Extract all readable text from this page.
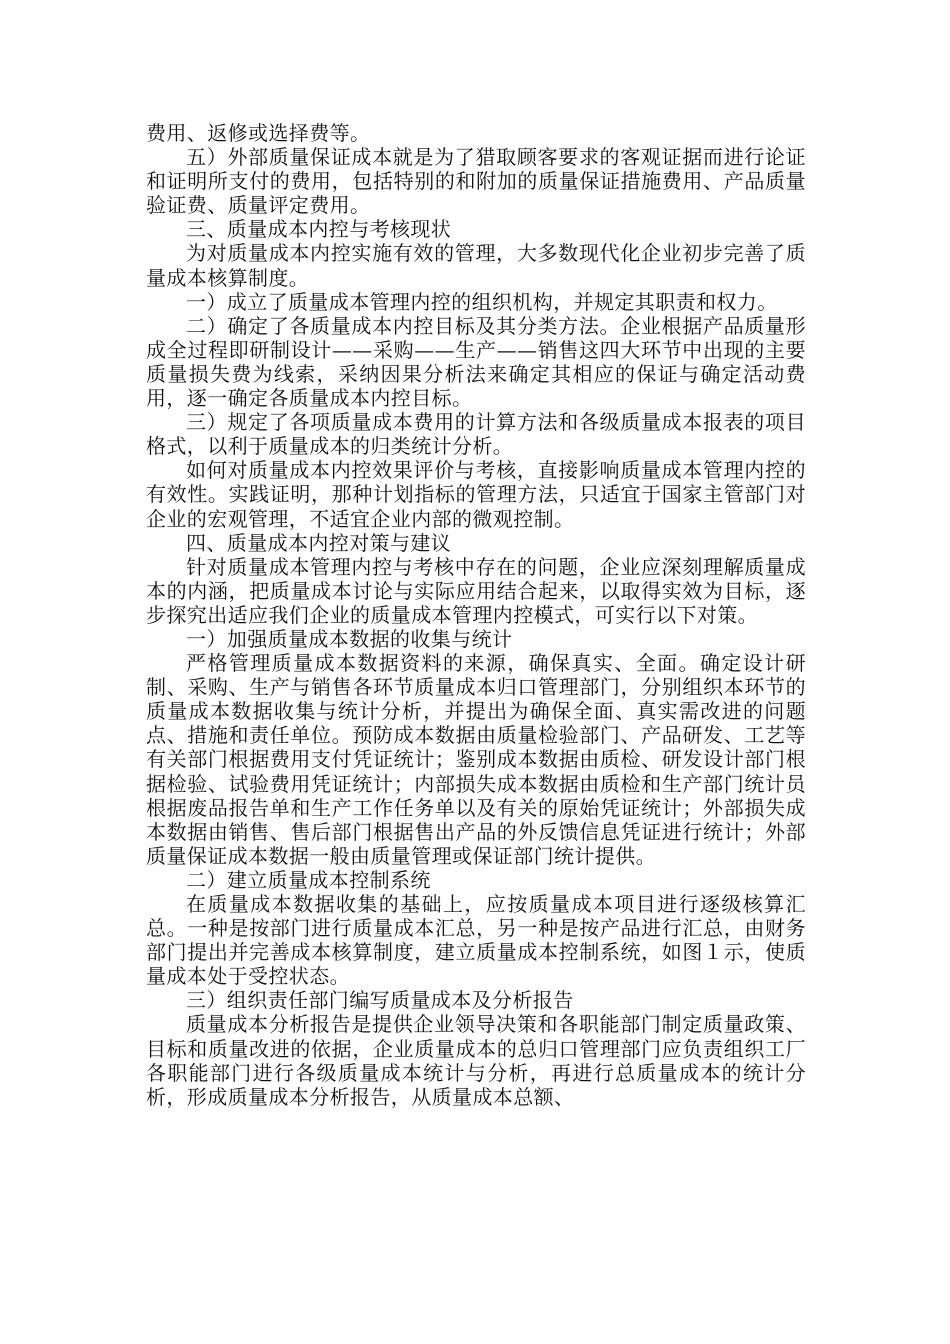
费用、返修或选择费等。

五）外部质量保证成本就是为了猎取顾客要求的客观证据而进行论证和证明所支付的费用，包括特别的和附加的质量保证措施费用、产品质量验证费、质量评定费用。

三、质量成本内控与考核现状

为对质量成本内控实施有效的管理，大多数现代化企业初步完善了质量成本核算制度。

一）成立了质量成本管理内控的组织机构，并规定其职责和权力。

二）确定了各质量成本内控目标及其分类方法。企业根据产品质量形成全过程即研制设计——采购——生产——销售这四大环节中出现的主要质量损失费为线索，采纳因果分析法来确定其相应的保证与确定活动费用，逐一确定各质量成本内控目标。

三）规定了各项质量成本费用的计算方法和各级质量成本报表的项目格式，以利于质量成本的归类统计分析。

如何对质量成本内控效果评价与考核，直接影响质量成本管理内控的有效性。实践证明，那种计划指标的管理方法，只适宜于国家主管部门对企业的宏观管理，不适宜企业内部的微观控制。

四、质量成本内控对策与建议

针对质量成本管理内控与考核中存在的问题，企业应深刻理解质量成本的内涵，把质量成本讨论与实际应用结合起来，以取得实效为目标，逐步探究出适应我们企业的质量成本管理内控模式，可实行以下对策。

一）加强质量成本数据的收集与统计

严格管理质量成本数据资料的来源，确保真实、全面。确定设计研制、采购、生产与销售各环节质量成本归口管理部门，分别组织本环节的质量成本数据收集与统计分析，并提出为确保全面、真实需改进的问题点、措施和责任单位。预防成本数据由质量检验部门、产品研发、工艺等有关部门根据费用支付凭证统计；鉴别成本数据由质检、研发设计部门根据检验、试验费用凭证统计；内部损失成本数据由质检和生产部门统计员根据废品报告单和生产工作任务单以及有关的原始凭证统计；外部损失成本数据由销售、售后部门根据售出产品的外反馈信息凭证进行统计；外部质量保证成本数据一般由质量管理或保证部门统计提供。

二）建立质量成本控制系统

在质量成本数据收集的基础上，应按质量成本项目进行逐级核算汇总。一种是按部门进行质量成本汇总，另一种是按产品进行汇总，由财务部门提出并完善成本核算制度，建立质量成本控制系统，如图１示，使质量成本处于受控状态。

三）组织责任部门编写质量成本及分析报告

质量成本分析报告是提供企业领导决策和各职能部门制定质量政策、目标和质量改进的依据，企业质量成本的总归口管理部门应负责组织工厂各职能部门进行各级质量成本统计与分析，再进行总质量成本的统计分析，形成质量成本分析报告，从质量成本总额、
